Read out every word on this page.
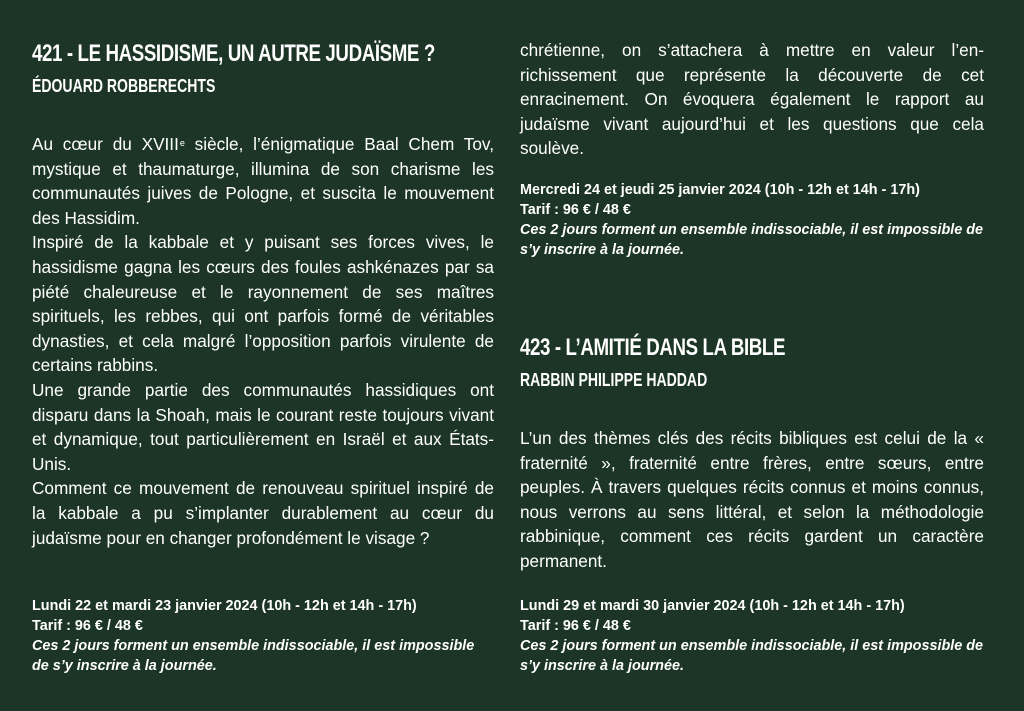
421 - LE HASSIDISME, UN AUTRE JUDAÏSME ?
ÉDOUARD ROBBERECHTS

Au cœur du XVIIIe siècle, l’énigmatique Baal Chem Tov, mystique et thaumaturge, illumina de son charisme les communautés juives de Pologne, et suscita le mouvement des Hassidim.

Inspiré de la kabbale et y puisant ses forces vives, le hassidisme gagna les cœurs des foules ashkénazes par sa piété chaleureuse et le rayonnement de ses maîtres spirituels, les rebbes, qui ont parfois formé de véritables dynasties, et cela malgré l’opposition parfois virulente de certains rabbins.

Une grande partie des communautés hassidiques ont disparu dans la Shoah, mais le courant reste toujours vivant et dynamique, tout particulièrement en Israël et aux États-Unis.

Comment ce mouvement de renouveau spirituel inspiré de la kabbale a pu s’implanter durablement au cœur du judaïsme pour en changer profondément le visage ?

Lundi 22 et mardi 23 janvier 2024 (10h - 12h et 14h - 17h)
Tarif : 96 € / 48 €
Ces 2 jours forment un ensemble indissociable, il est impossible de s’y inscrire à la journée.
chrétienne, on s’attachera à mettre en valeur l’enrichissement que représente la découverte de cet enracinement. On évoquera également le rapport au judaïsme vivant aujourd’hui et les questions que cela soulève.
Mercredi 24 et jeudi 25 janvier 2024 (10h - 12h et 14h - 17h)
Tarif : 96 € / 48 €
Ces 2 jours forment un ensemble indissociable, il est impossible de s’y inscrire à la journée.
423 - L’AMITIÉ DANS LA BIBLE
RABBIN PHILIPPE HADDAD
L’un des thèmes clés des récits bibliques est celui de la « fraternité », fraternité entre frères, entre sœurs, entre peuples. À travers quelques récits connus et moins connus, nous verrons au sens littéral, et selon la méthodologie rabbinique, comment ces récits gardent un caractère permanent.
Lundi 29 et mardi 30 janvier 2024 (10h - 12h et 14h - 17h)
Tarif : 96 € / 48 €
Ces 2 jours forment un ensemble indissociable, il est impossible de s’y inscrire à la journée.
